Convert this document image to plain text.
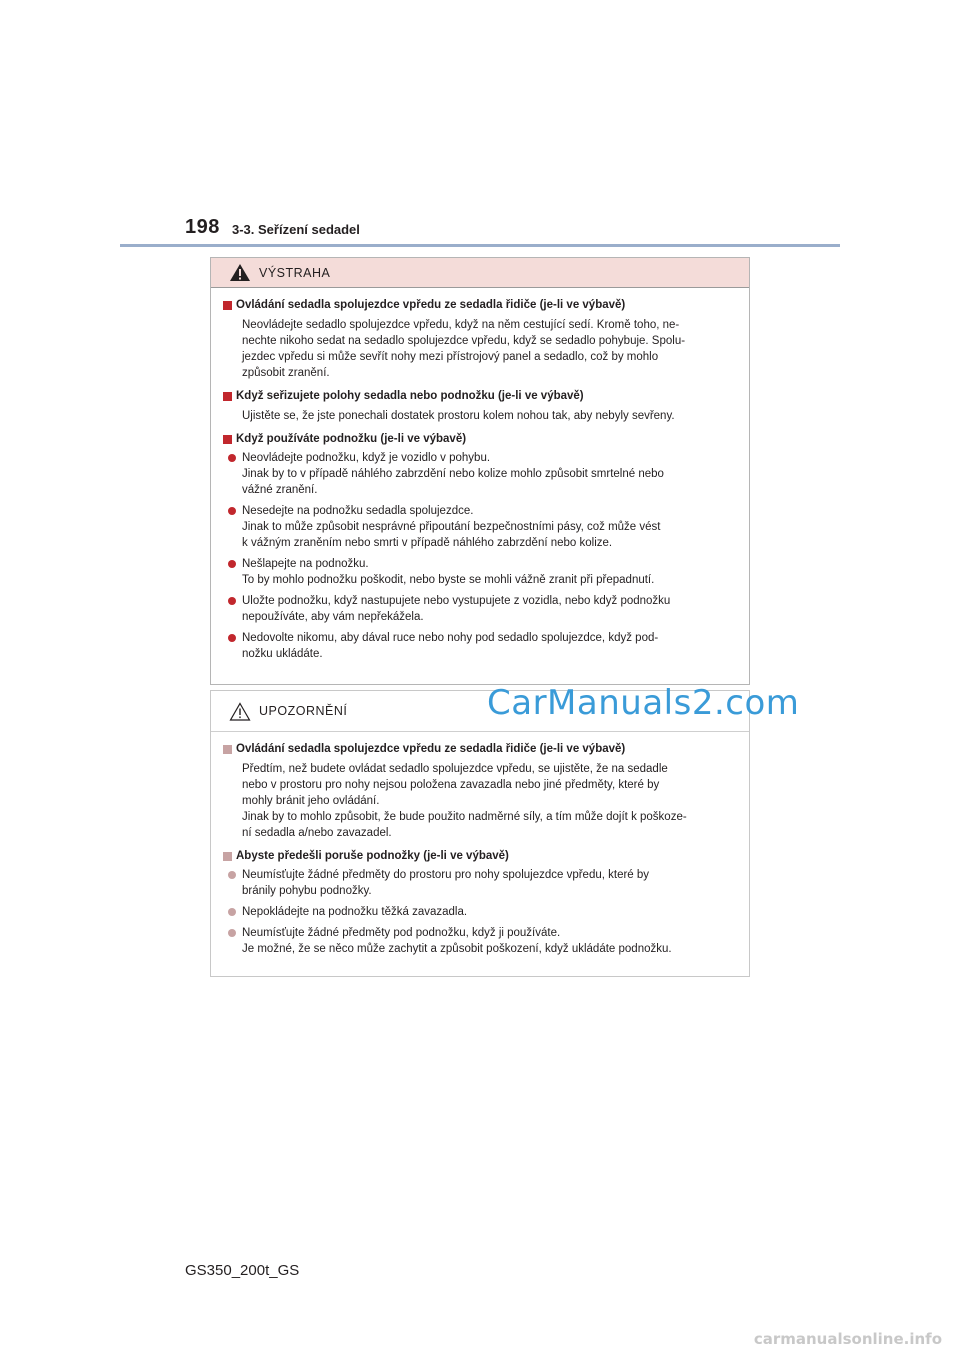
198 3-3. Seřízení sedadel
VÝSTRAHA
Ovládání sedadla spolujezdce vpředu ze sedadla řidiče (je-li ve výbavě)
Neovládejte sedadlo spolujezdce vpředu, když na něm cestující sedí. Kromě toho, ne-
nechte nikoho sedat na sedadlo spolujezdce vpředu, když se sedadlo pohybuje. Spolu-
jezdec vpředu si může sevřít nohy mezi přístrojový panel a sedadlo, což by mohlo
způsobit zranění.
Když seřizujete polohy sedadla nebo podnožku (je-li ve výbavě)
Ujistěte se, že jste ponechali dostatek prostoru kolem nohou tak, aby nebyly sevřeny.
Když používáte podnožku (je-li ve výbavě)
Neovládejte podnožku, když je vozidlo v pohybu.
Jinak by to v případě náhlého zabrzdění nebo kolize mohlo způsobit smrtelné nebo
vážné zranění.
Nesedejte na podnožku sedadla spolujezdce.
Jinak to může způsobit nesprávné připoutání bezpečnostními pásy, což může vést
k vážným zraněním nebo smrti v případě náhlého zabrzdění nebo kolize.
Nešlapejte na podnožku.
To by mohlo podnožku poškodit, nebo byste se mohli vážně zranit při přepadnutí.
Uložte podnožku, když nastupujete nebo vystupujete z vozidla, nebo když podnožku
nepoužíváte, aby vám nepřekážela.
Nedovolte nikomu, aby dával ruce nebo nohy pod sedadlo spolujezdce, když pod-
nožku ukládáte.
UPOZORNĚNÍ
Ovládání sedadla spolujezdce vpředu ze sedadla řidiče (je-li ve výbavě)
Předtím, než budete ovládat sedadlo spolujezdce vpředu, se ujistěte, že na sedadle
nebo v prostoru pro nohy nejsou položena zavazadla nebo jiné předměty, které by
mohly bránit jeho ovládání.
Jinak by to mohlo způsobit, že bude použito nadměrné síly, a tím může dojít k poškoze-
ní sedadla a/nebo zavazadel.
Abyste předešli poruše podnožky (je-li ve výbavě)
Neumísťujte žádné předměty do prostoru pro nohy spolujezdce vpředu, které by
bránily pohybu podnožky.
Nepokládejte na podnožku těžká zavazadla.
Neumísťujte žádné předměty pod podnožku, když ji používáte.
Je možné, že se něco může zachytit a způsobit poškození, když ukládáte podnožku.
CarManuals2.com
GS350_200t_GS
carmanualsonline.info
